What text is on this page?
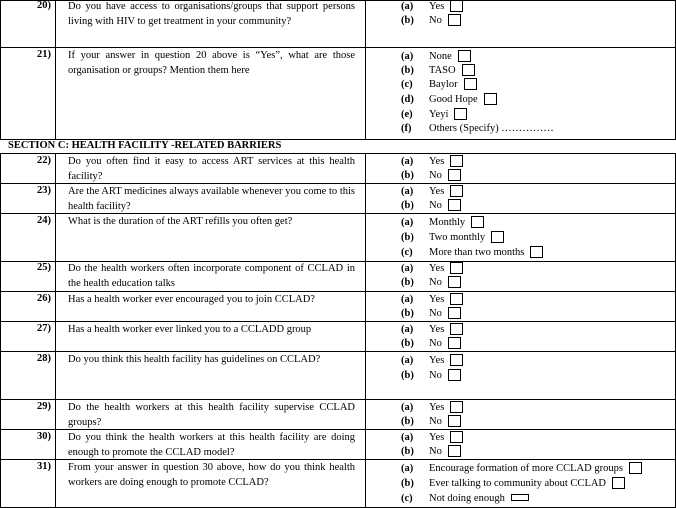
SECTION C: HEALTH FACILITY -RELATED BARRIERS
20) Do you have access to organisations/groups that support persons living with HIV to get treatment in your community?
(a) Yes
(b) No
21) If your answer in question 20 above is “Yes”, what are those organisation or groups? Mention them here
(a) None
(b) TASO
(c) Baylor
(d) Good Hope
(e) Yeyi
(f) Others (Specify) ……………
22) Do you often find it easy to access ART services at this health facility?
(a) Yes
(b) No
23) Are the ART medicines always available whenever you come to this health facility?
(a) Yes
(b) No
24) What is the duration of the ART refills you often get?	(a) Monthly
(b) Two monthly
(c) More than two months
25) Do the health workers often incorporate component of CCLAD in the health education talks
(a) Yes
(b) No
26) Has a health worker ever encouraged you to join CCLAD?	(a) Yes
(b) No
27) Has a health worker ever linked you to a CCLADD group	(a) Yes
(b) No
28) Do you think this health facility has guidelines on CCLAD?	(a) Yes
(b) No
29) Do the health workers at this health facility supervise CCLAD groups?
(a) Yes
(b) No
30) Do you think the health workers at this health facility are doing enough to promote the CCLAD model?
(a) Yes
(b) No
31) From your answer in question 30 above, how do you think health workers are doing enough to promote CCLAD?
(a) Encourage formation of more CCLAD groups
(b) Ever talking to community about CCLAD
(c) Not doing enough
